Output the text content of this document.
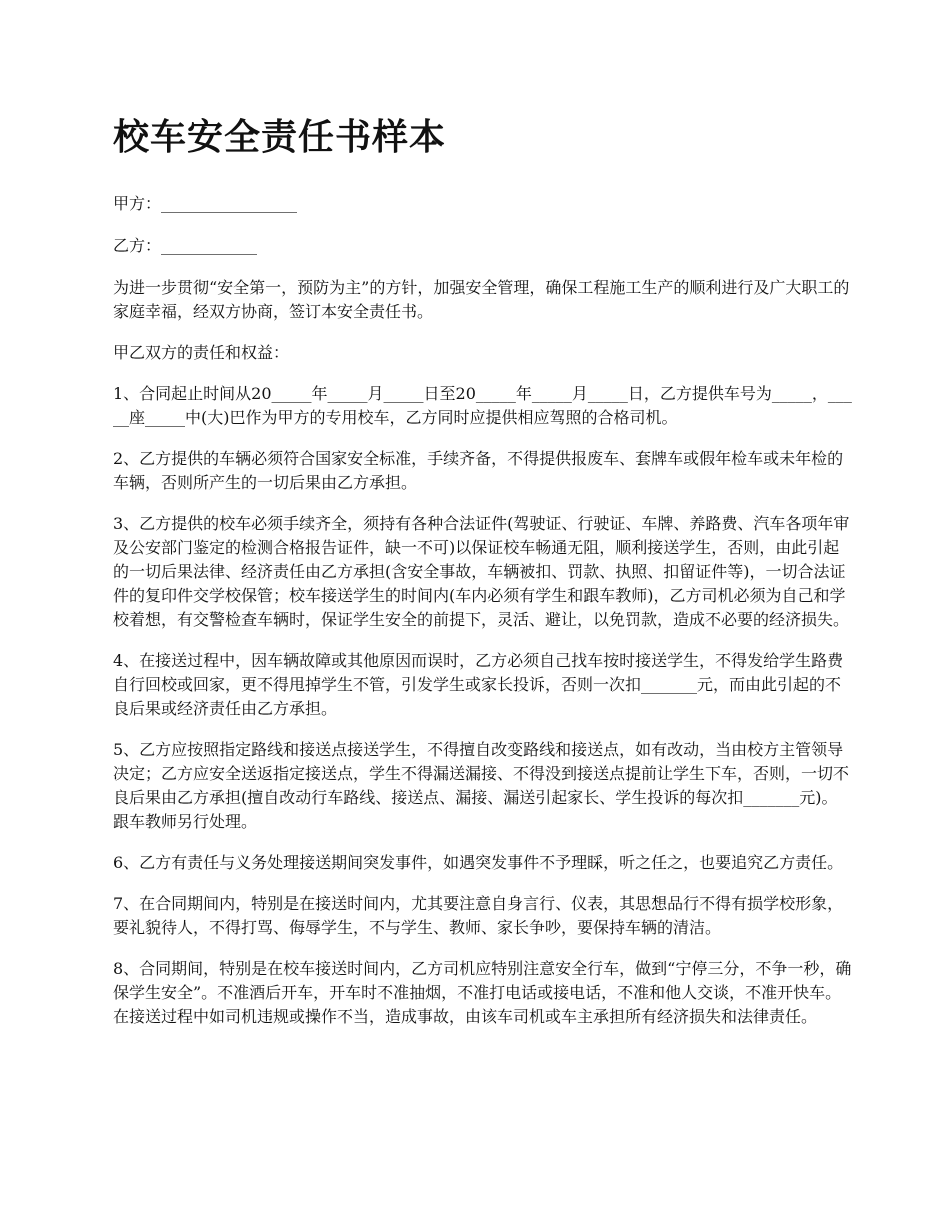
校车安全责任书样本

甲方：_________________

乙方：____________

为进一步贯彻“安全第一，预防为主”的方针，加强安全管理，确保工程施工生产的顺利进行及广大职工的家庭幸福，经双方协商，签订本安全责任书。

甲乙双方的责任和权益：

1、合同起止时间从20_____年_____月_____日至20_____年_____月_____日，乙方提供车号为_____，_____座_____中(大)巴作为甲方的专用校车，乙方同时应提供相应驾照的合格司机。

2、乙方提供的车辆必须符合国家安全标准，手续齐备，不得提供报废车、套牌车或假年检车或未年检的车辆，否则所产生的一切后果由乙方承担。

3、乙方提供的校车必须手续齐全，须持有各种合法证件(驾驶证、行驶证、车牌、养路费、汽车各项年审及公安部门鉴定的检测合格报告证件，缺一不可)以保证校车畅通无阻，顺利接送学生，否则，由此引起的一切后果法律、经济责任由乙方承担(含安全事故，车辆被扣、罚款、执照、扣留证件等)，一切合法证件的复印件交学校保管；校车接送学生的时间内(车内必须有学生和跟车教师)，乙方司机必须为自己和学校着想，有交警检查车辆时，保证学生安全的前提下，灵活、避让，以免罚款，造成不必要的经济损失。

4、在接送过程中，因车辆故障或其他原因而误时，乙方必须自己找车按时接送学生，不得发给学生路费自行回校或回家，更不得甩掉学生不管，引发学生或家长投诉，否则一次扣_______元，而由此引起的不良后果或经济责任由乙方承担。

5、乙方应按照指定路线和接送点接送学生，不得擅自改变路线和接送点，如有改动，当由校方主管领导决定；乙方应安全送返指定接送点，学生不得漏送漏接、不得没到接送点提前让学生下车，否则，一切不良后果由乙方承担(擅自改动行车路线、接送点、漏接、漏送引起家长、学生投诉的每次扣_______元)。跟车教师另行处理。

6、乙方有责任与义务处理接送期间突发事件，如遇突发事件不予理睬，听之任之，也要追究乙方责任。

7、在合同期间内，特别是在接送时间内，尤其要注意自身言行、仪表，其思想品行不得有损学校形象，要礼貌待人，不得打骂、侮辱学生，不与学生、教师、家长争吵，要保持车辆的清洁。

8、合同期间，特别是在校车接送时间内，乙方司机应特别注意安全行车，做到“宁停三分，不争一秒，确保学生安全”。不准酒后开车，开车时不准抽烟，不准打电话或接电话，不准和他人交谈，不准开快车。在接送过程中如司机违规或操作不当，造成事故，由该车司机或车主承担所有经济损失和法律责任。
